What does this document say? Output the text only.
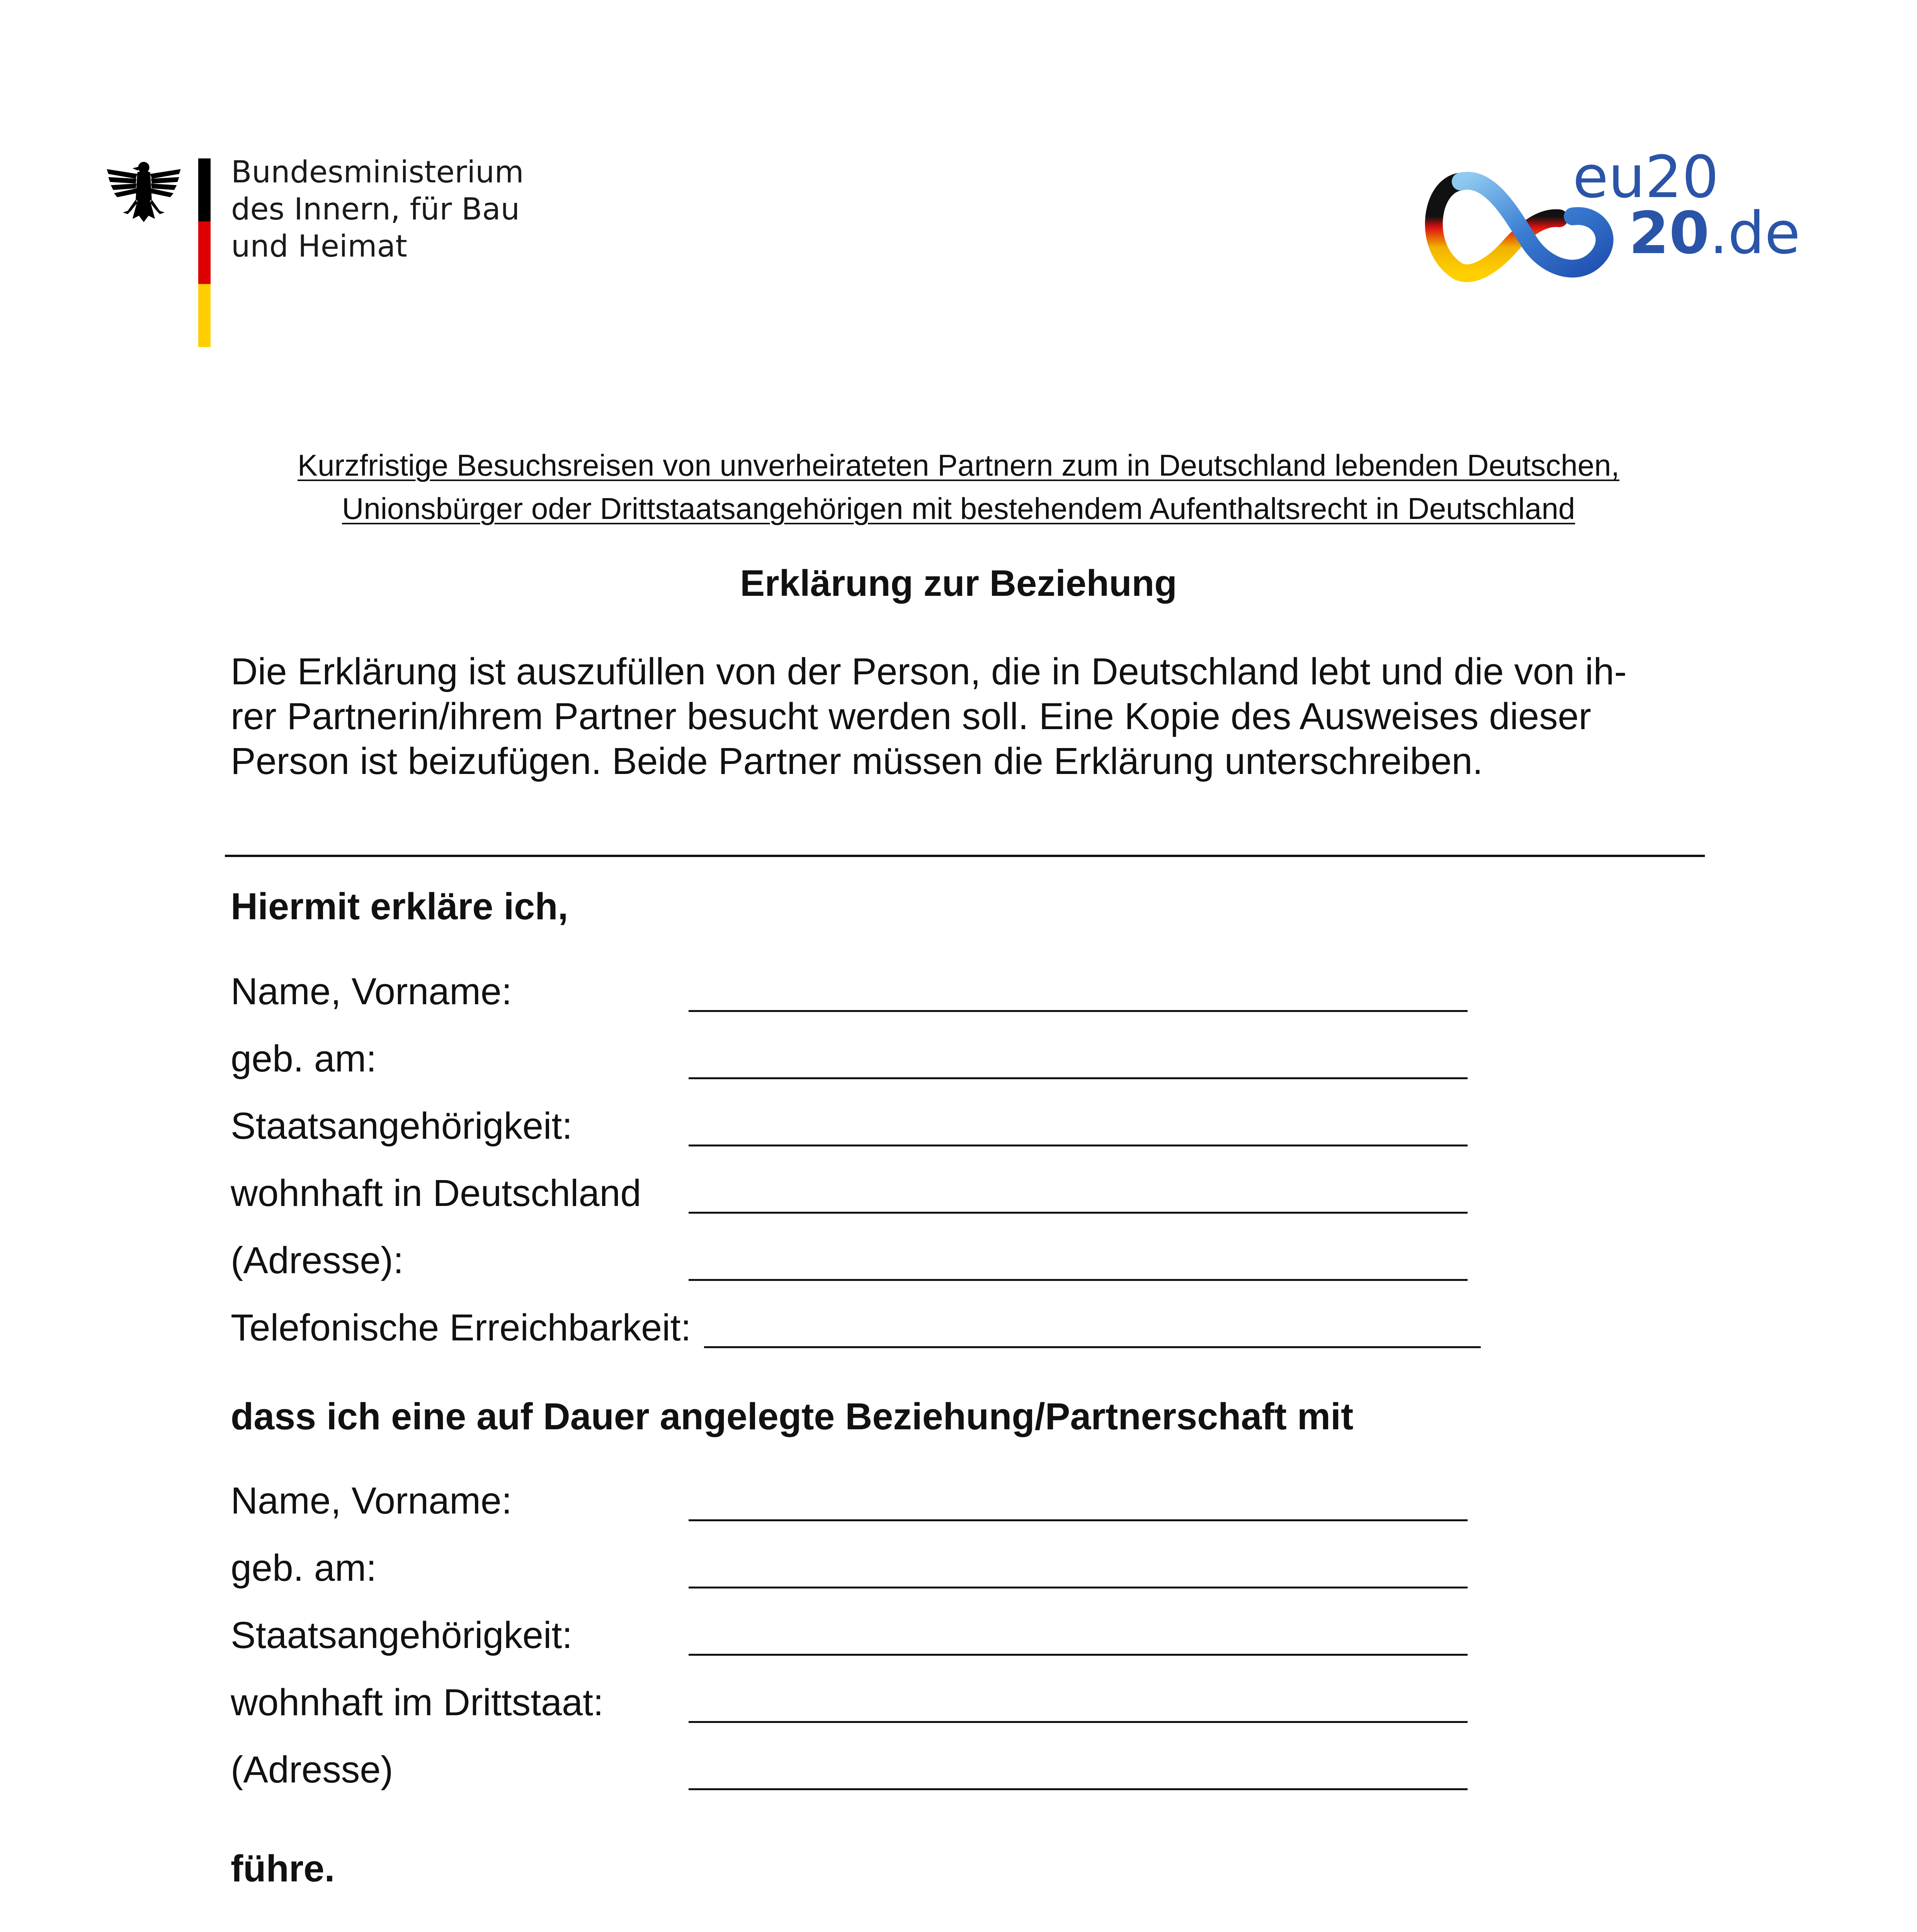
Bundesministerium
des Innern, für Bau
und Heimat
eu20
20.de
Kurzfristige Besuchsreisen von unverheirateten Partnern zum in Deutschland lebenden Deutschen,
Unionsbürger oder Drittstaatsangehörigen mit bestehendem Aufenthaltsrecht in Deutschland
Erklärung zur Beziehung
Die Erklärung ist auszufüllen von der Person, die in Deutschland lebt und die von ih-
rer Partnerin/ihrem Partner besucht werden soll. Eine Kopie des Ausweises dieser
Person ist beizufügen. Beide Partner müssen die Erklärung unterschreiben.
Hiermit erkläre ich,
Name, Vorname:
geb. am:
Staatsangehörigkeit:
wohnhaft in Deutschland
(Adresse):
Telefonische Erreichbarkeit:
dass ich eine auf Dauer angelegte Beziehung/Partnerschaft mit
Name, Vorname:
geb. am:
Staatsangehörigkeit:
wohnhaft im Drittstaat:
(Adresse)
führe.
